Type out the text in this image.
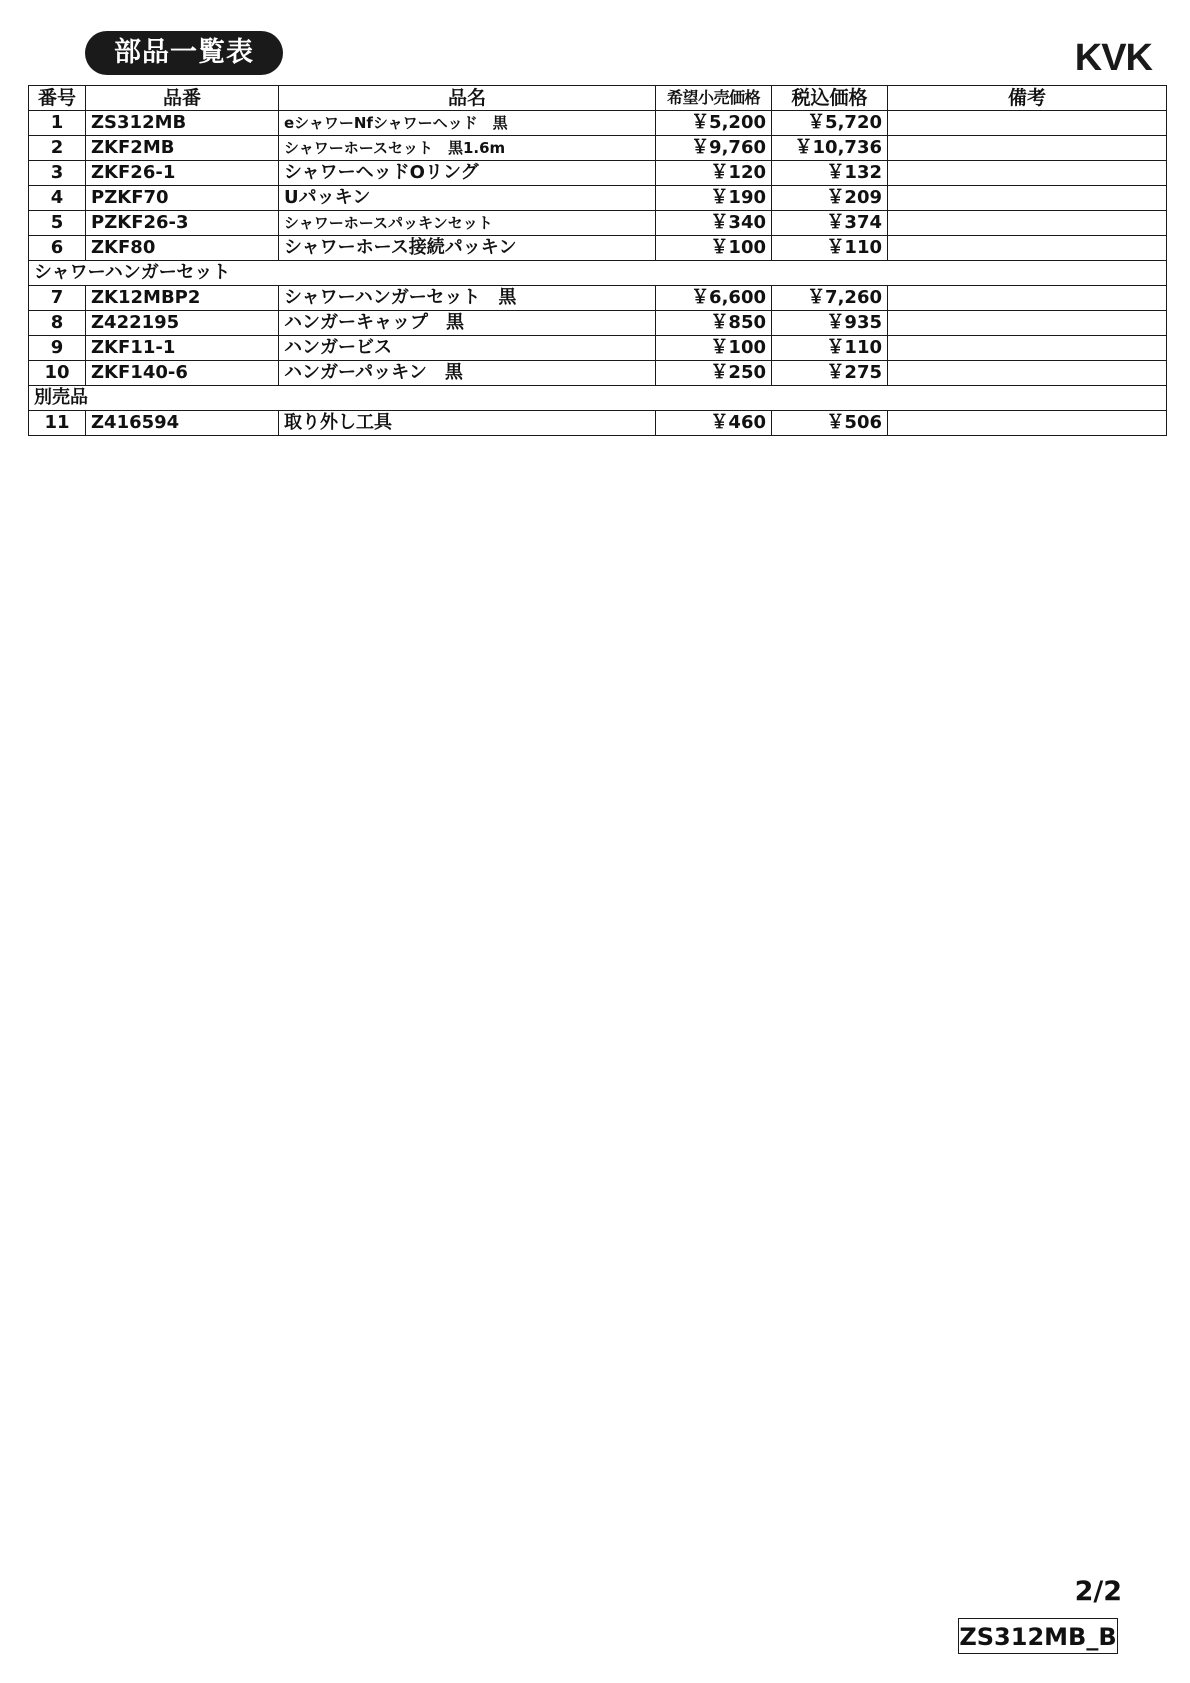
部品一覧表	KVK
番号	品番	品名	希望小売価格	税込価格	備考
1	ZS312MB	eシャワーNfシャワーヘッド　黒	￥5,200	￥5,720	
2	ZKF2MB	シャワーホースセット　黒1.6m	￥9,760	￥10,736	
3	ZKF26-1	シャワーヘッドOリング	￥120	￥132	
4	PZKF70	Uパッキン	￥190	￥209	
5	PZKF26-3	シャワーホースパッキンセット	￥340	￥374	
6	ZKF80	シャワーホース接続パッキン	￥100	￥110	
シャワーハンガーセット					
7	ZK12MBP2	シャワーハンガーセット　黒	￥6,600	￥7,260	
8	Z422195	ハンガーキャップ　黒	￥850	￥935	
9	ZKF11-1	ハンガービス	￥100	￥110	
10	ZKF140-6	ハンガーパッキン　黒	￥250	￥275	
別売品					
11	Z416594	取り外し工具	￥460	￥506	
2/2
ZS312MB_B
